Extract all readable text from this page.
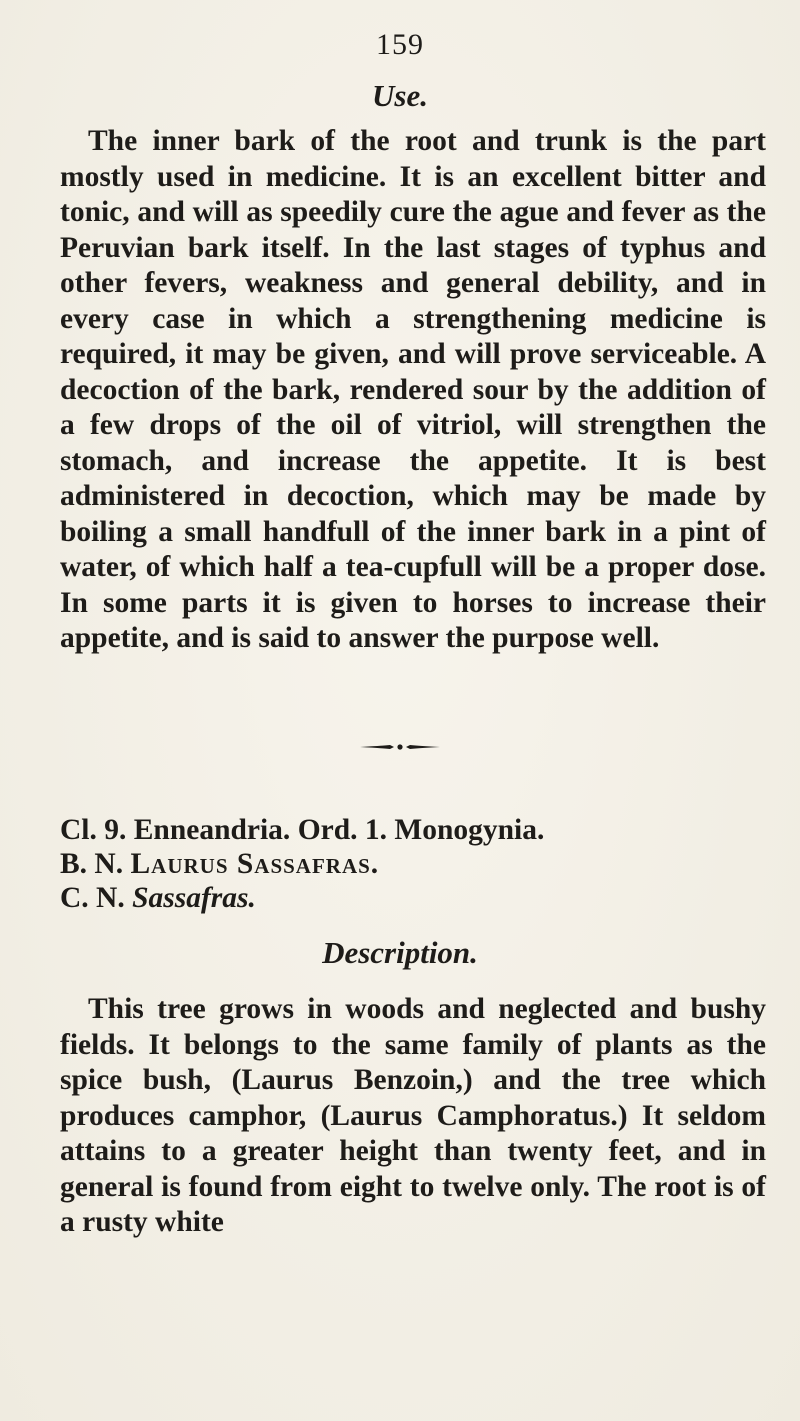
159
Use.

The inner bark of the root and trunk is the part mostly used in medicine. It is an excellent bitter and tonic, and will as speedily cure the ague and fever as the Peruvian bark itself. In the last stages of typhus and other fevers, weakness and general debility, and in every case in which a strengthening medicine is required, it may be given, and will prove serviceable. A decoction of the bark, rendered sour by the addition of a few drops of the oil of vitriol, will strengthen the stomach, and increase the appetite. It is best administered in decoction, which may be made by boiling a small handfull of the inner bark in a pint of water, of which half a tea-cupfull will be a proper dose. In some parts it is given to horses to increase their appetite, and is said to answer the purpose well.

Cl. 9. Enneandria. Ord. 1. Monogynia.
B. N. Laurus Sassafras.
C. N. Sassafras.
Description.

This tree grows in woods and neglected and bushy fields. It belongs to the same family of plants as the spice bush, (Laurus Benzoin,) and the tree which produces camphor, (Laurus Camphoratus.) It seldom attains to a greater height than twenty feet, and in general is found from eight to twelve only. The root is of a rusty white
